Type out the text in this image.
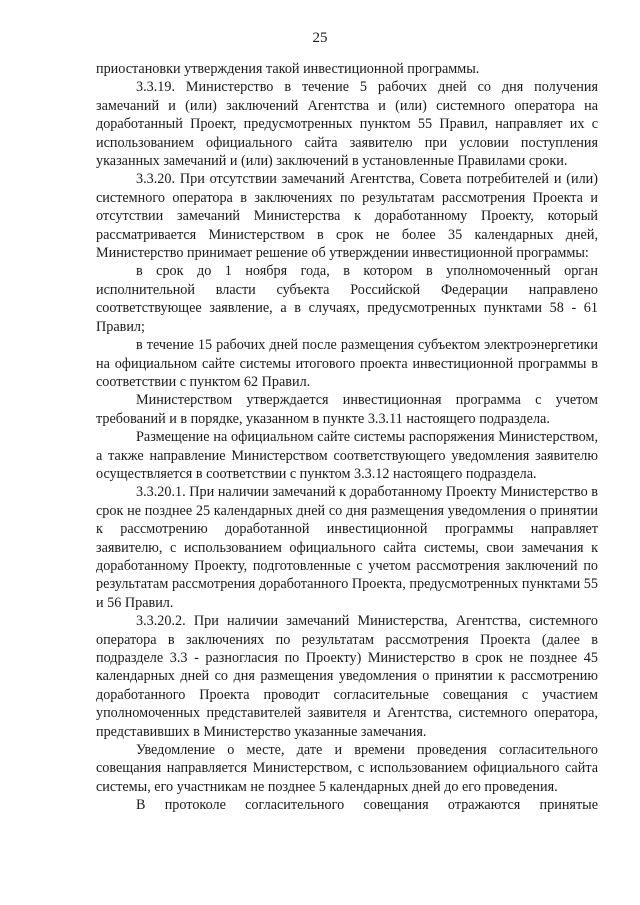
25

приостановки утверждения такой инвестиционной программы.

3.3.19. Министерство в течение 5 рабочих дней со дня получения замечаний и (или) заключений Агентства и (или) системного оператора на доработанный Проект, предусмотренных пунктом 55 Правил, направляет их с использованием официального сайта заявителю при условии поступления указанных замечаний и (или) заключений в установленные Правилами сроки.

3.3.20. При отсутствии замечаний Агентства, Совета потребителей и (или) системного оператора в заключениях по результатам рассмотрения Проекта и отсутствии замечаний Министерства к доработанному Проекту, который рассматривается Министерством в срок не более 35 календарных дней, Министерство принимает решение об утверждении инвестиционной программы:

в срок до 1 ноября года, в котором в уполномоченный орган исполнительной власти субъекта Российской Федерации направлено соответствующее заявление, а в случаях, предусмотренных пунктами 58 - 61 Правил;

в течение 15 рабочих дней после размещения субъектом электроэнергетики на официальном сайте системы итогового проекта инвестиционной программы в соответствии с пунктом 62 Правил.

Министерством утверждается инвестиционная программа с учетом требований и в порядке, указанном в пункте 3.3.11 настоящего подраздела.

Размещение на официальном сайте системы распоряжения Министерством, а также направление Министерством соответствующего уведомления заявителю осуществляется в соответствии с пунктом 3.3.12 настоящего подраздела.

3.3.20.1. При наличии замечаний к доработанному Проекту Министерство в срок не позднее 25 календарных дней со дня размещения уведомления о принятии к рассмотрению доработанной инвестиционной программы направляет заявителю, с использованием официального сайта системы, свои замечания к доработанному Проекту, подготовленные с учетом рассмотрения заключений по результатам рассмотрения доработанного Проекта, предусмотренных пунктами 55 и 56 Правил.

3.3.20.2. При наличии замечаний Министерства, Агентства, системного оператора в заключениях по результатам рассмотрения Проекта (далее в подразделе 3.3 - разногласия по Проекту) Министерство в срок не позднее 45 календарных дней со дня размещения уведомления о принятии к рассмотрению доработанного Проекта проводит согласительные совещания с участием уполномоченных представителей заявителя и Агентства, системного оператора, представивших в Министерство указанные замечания.

Уведомление о месте, дате и времени проведения согласительного совещания направляется Министерством, с использованием официального сайта системы, его участникам не позднее 5 календарных дней до его проведения.

В протоколе согласительного совещания отражаются принятые
